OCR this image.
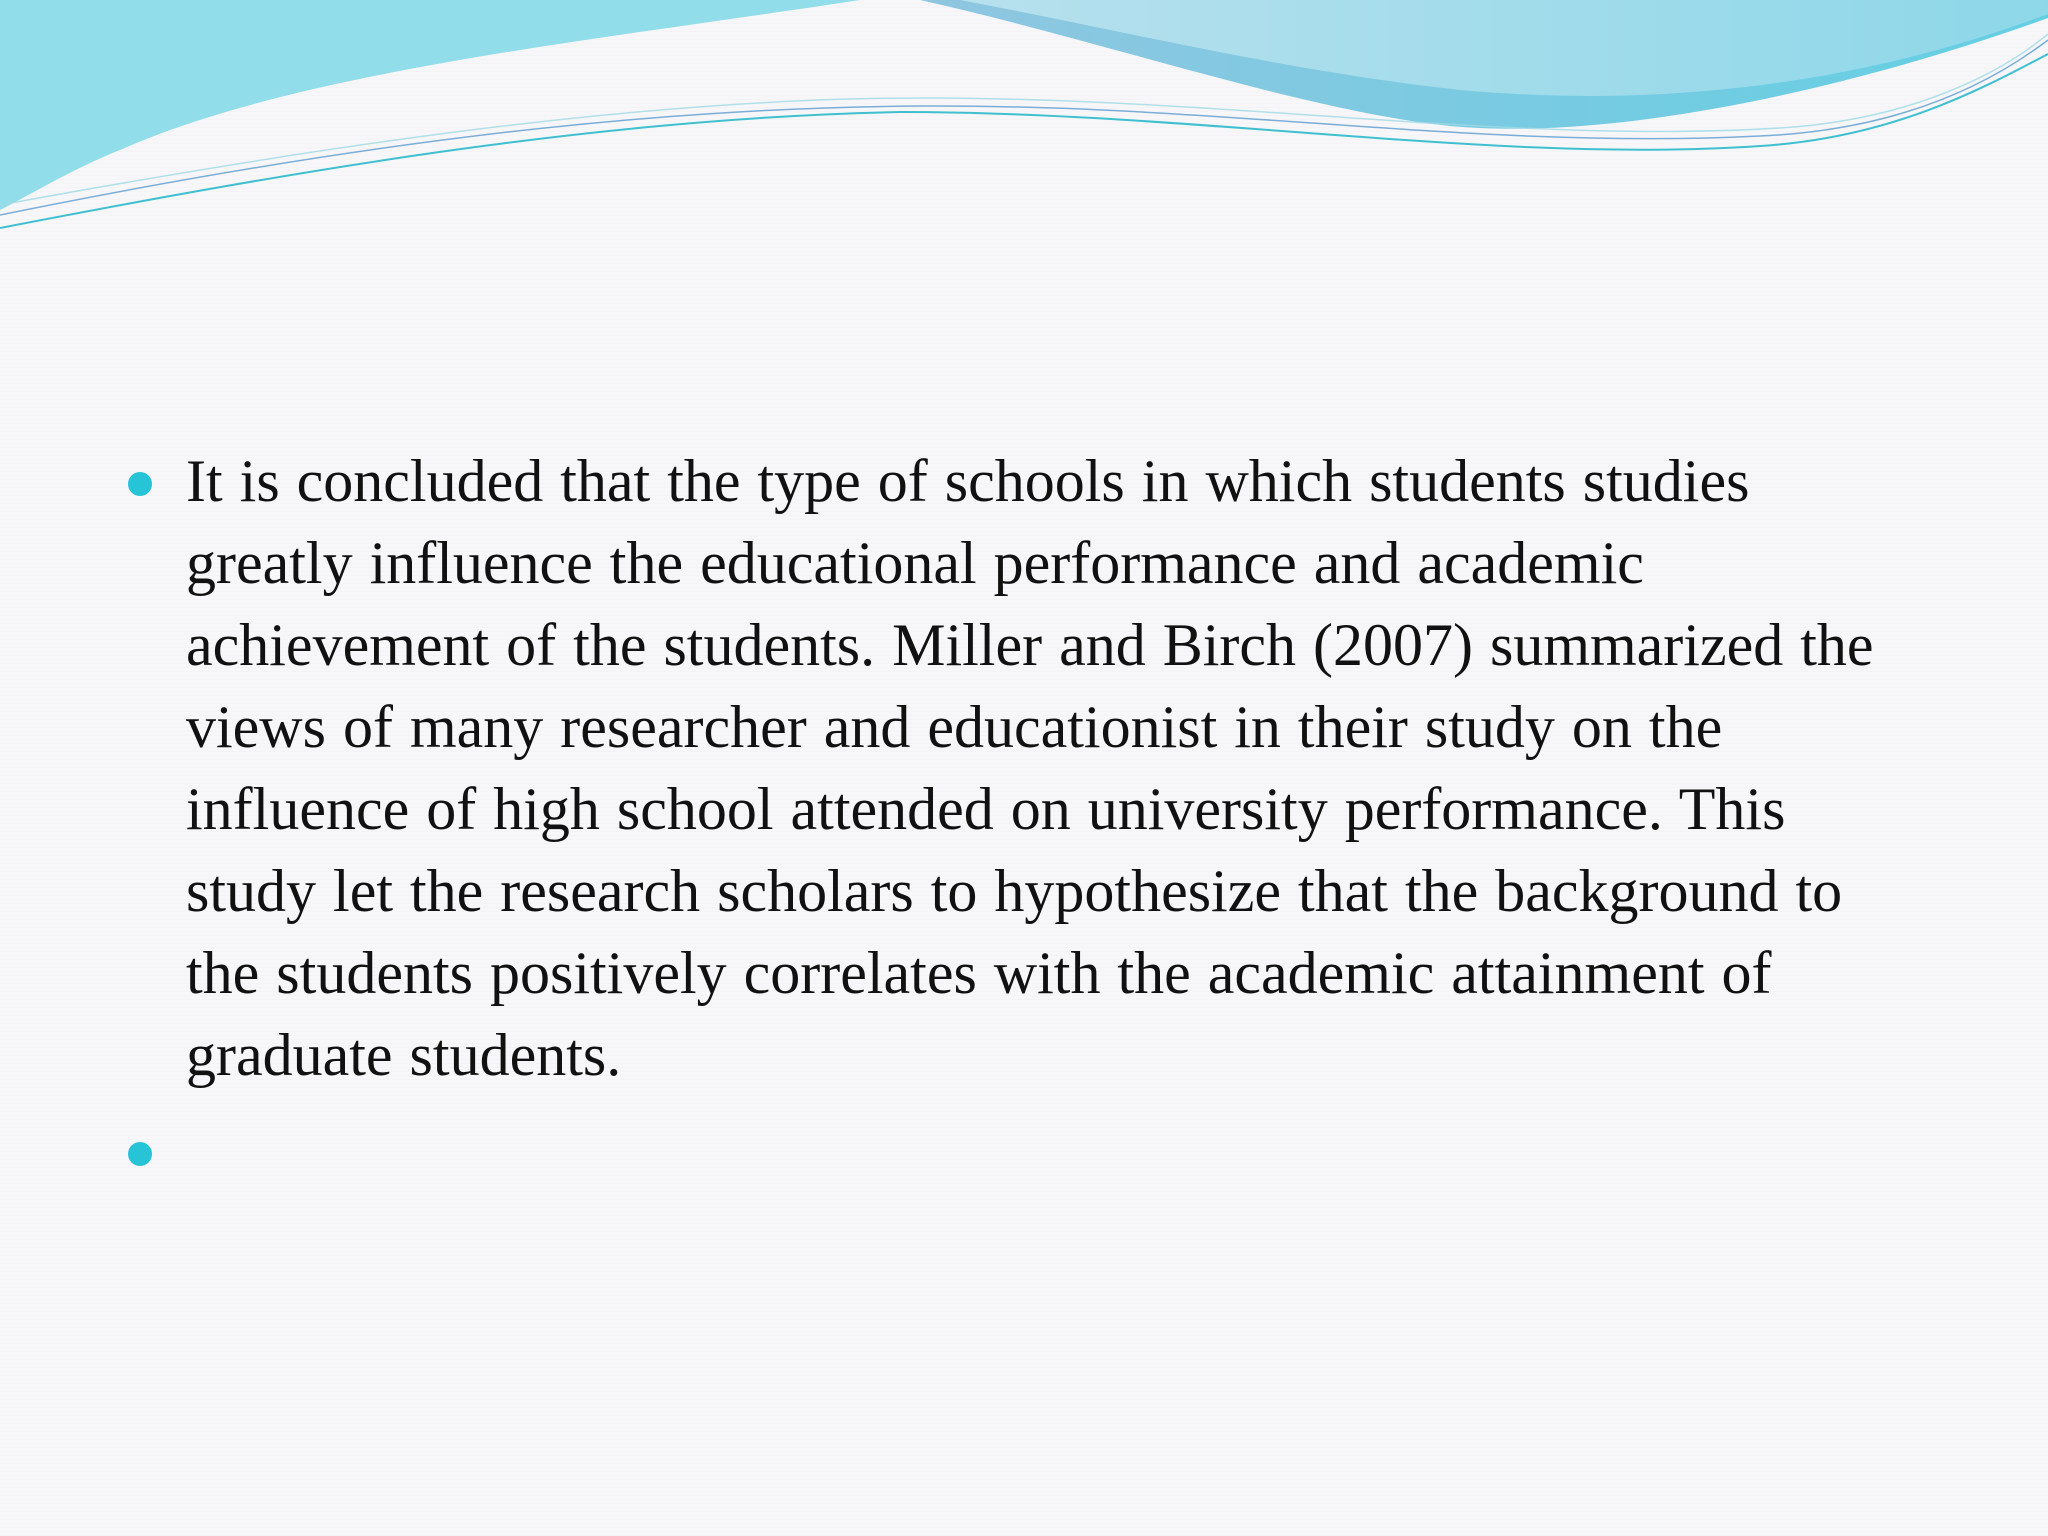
It is concluded that the type of schools in which students studies greatly influence the educational performance and academic achievement of the students. Miller and Birch (2007) summarized the views of many researcher and educationist in their study on the influence of high school attended on university performance. This study let the research scholars to hypothesize that the background to the students positively correlates with the academic attainment of graduate students.
